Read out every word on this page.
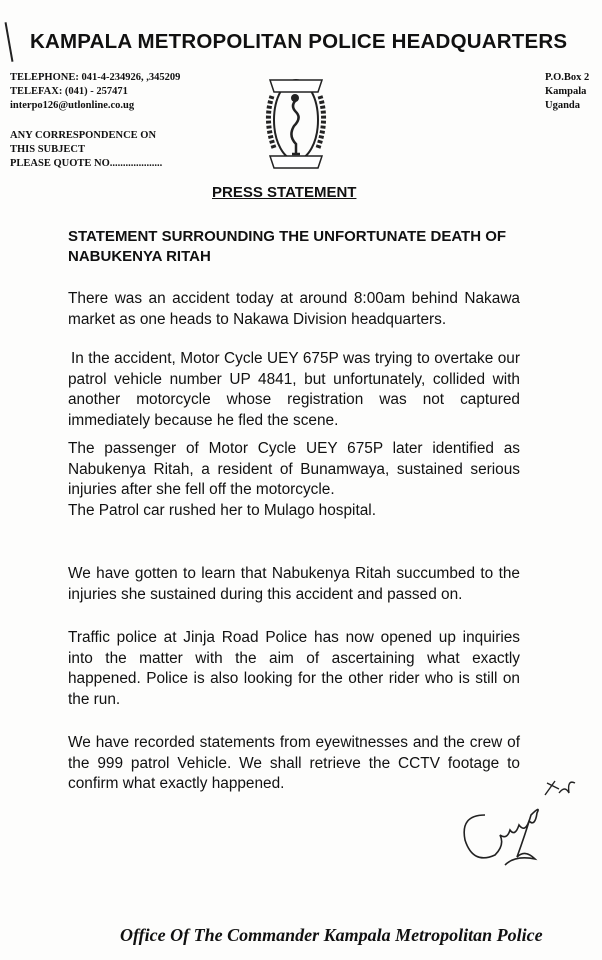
KAMPALA METROPOLITAN POLICE HEADQUARTERS
TELEPHONE: 041-4-234926, ,345209
TELEFAX: (041) - 257471
interpo126@utlonline.co.ug
ANY CORRESPONDENCE ON
THIS SUBJECT
PLEASE QUOTE NO....................
P.O.Box 2
Kampala
Uganda
PRESS STATEMENT
STATEMENT SURROUNDING THE UNFORTUNATE DEATH OF NABUKENYA RITAH
There was an accident today at around 8:00am behind Nakawa market as one heads to Nakawa Division headquarters.
In the accident, Motor Cycle UEY 675P was trying to overtake our patrol vehicle number UP 4841, but unfortunately, collided with another motorcycle whose registration was not captured immediately because he fled the scene.
The passenger of Motor Cycle UEY 675P later identified as Nabukenya Ritah, a resident of Bunamwaya, sustained serious injuries after she fell off the motorcycle.
The Patrol car rushed her to Mulago hospital.
We have gotten to learn that Nabukenya Ritah succumbed to the injuries she sustained during this accident and passed on.
Traffic police at Jinja Road Police has now opened up inquiries into the matter with the aim of ascertaining what exactly happened. Police is also looking for the other rider who is still on the run.
We have recorded statements from eyewitnesses and the crew of the 999 patrol Vehicle. We shall retrieve the CCTV footage to confirm what exactly happened.
Office Of The Commander Kampala Metropolitan Police
